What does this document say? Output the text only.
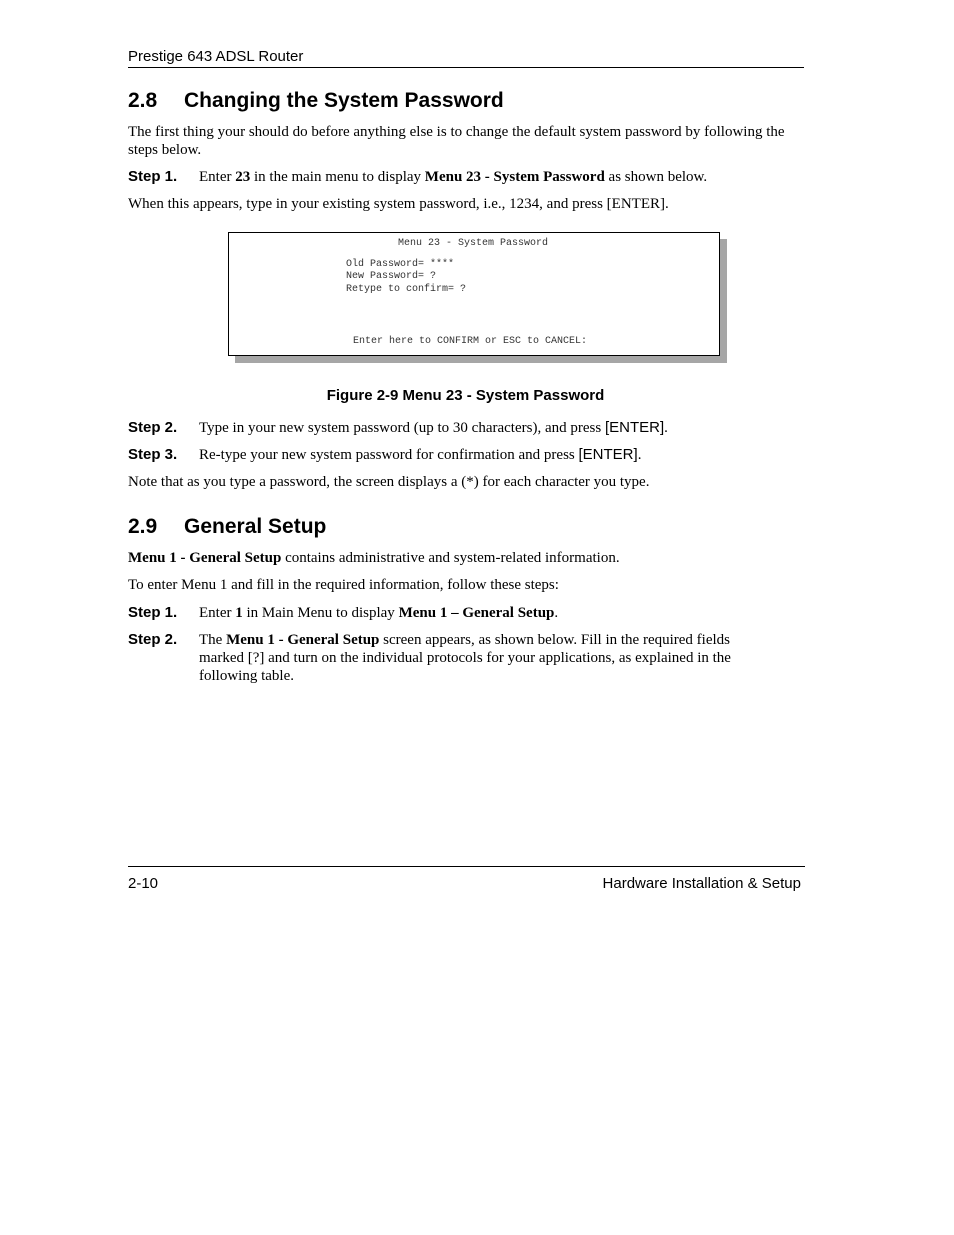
Prestige 643 ADSL Router
2.8 Changing the System Password
The first thing your should do before anything else is to change the default system password by following the steps below.
Step 1. Enter 23 in the main menu to display Menu 23 - System Password as shown below.
When this appears, type in your existing system password, i.e., 1234, and press [ENTER].
Menu 23 - System Password
Old Password= ****
New Password= ?
Retype to confirm= ?
Enter here to CONFIRM or ESC to CANCEL:
Figure 2-9 Menu 23 - System Password
Step 2. Type in your new system password (up to 30 characters), and press [ENTER].
Step 3. Re-type your new system password for confirmation and press [ENTER].
Note that as you type a password, the screen displays a (*) for each character you type.
2.9 General Setup
Menu 1 - General Setup contains administrative and system-related information.
To enter Menu 1 and fill in the required information, follow these steps:
Step 1. Enter 1 in Main Menu to display Menu 1 – General Setup.
Step 2. The Menu 1 - General Setup screen appears, as shown below. Fill in the required fields marked [?] and turn on the individual protocols for your applications, as explained in the following table.
2-10	Hardware Installation & Setup
